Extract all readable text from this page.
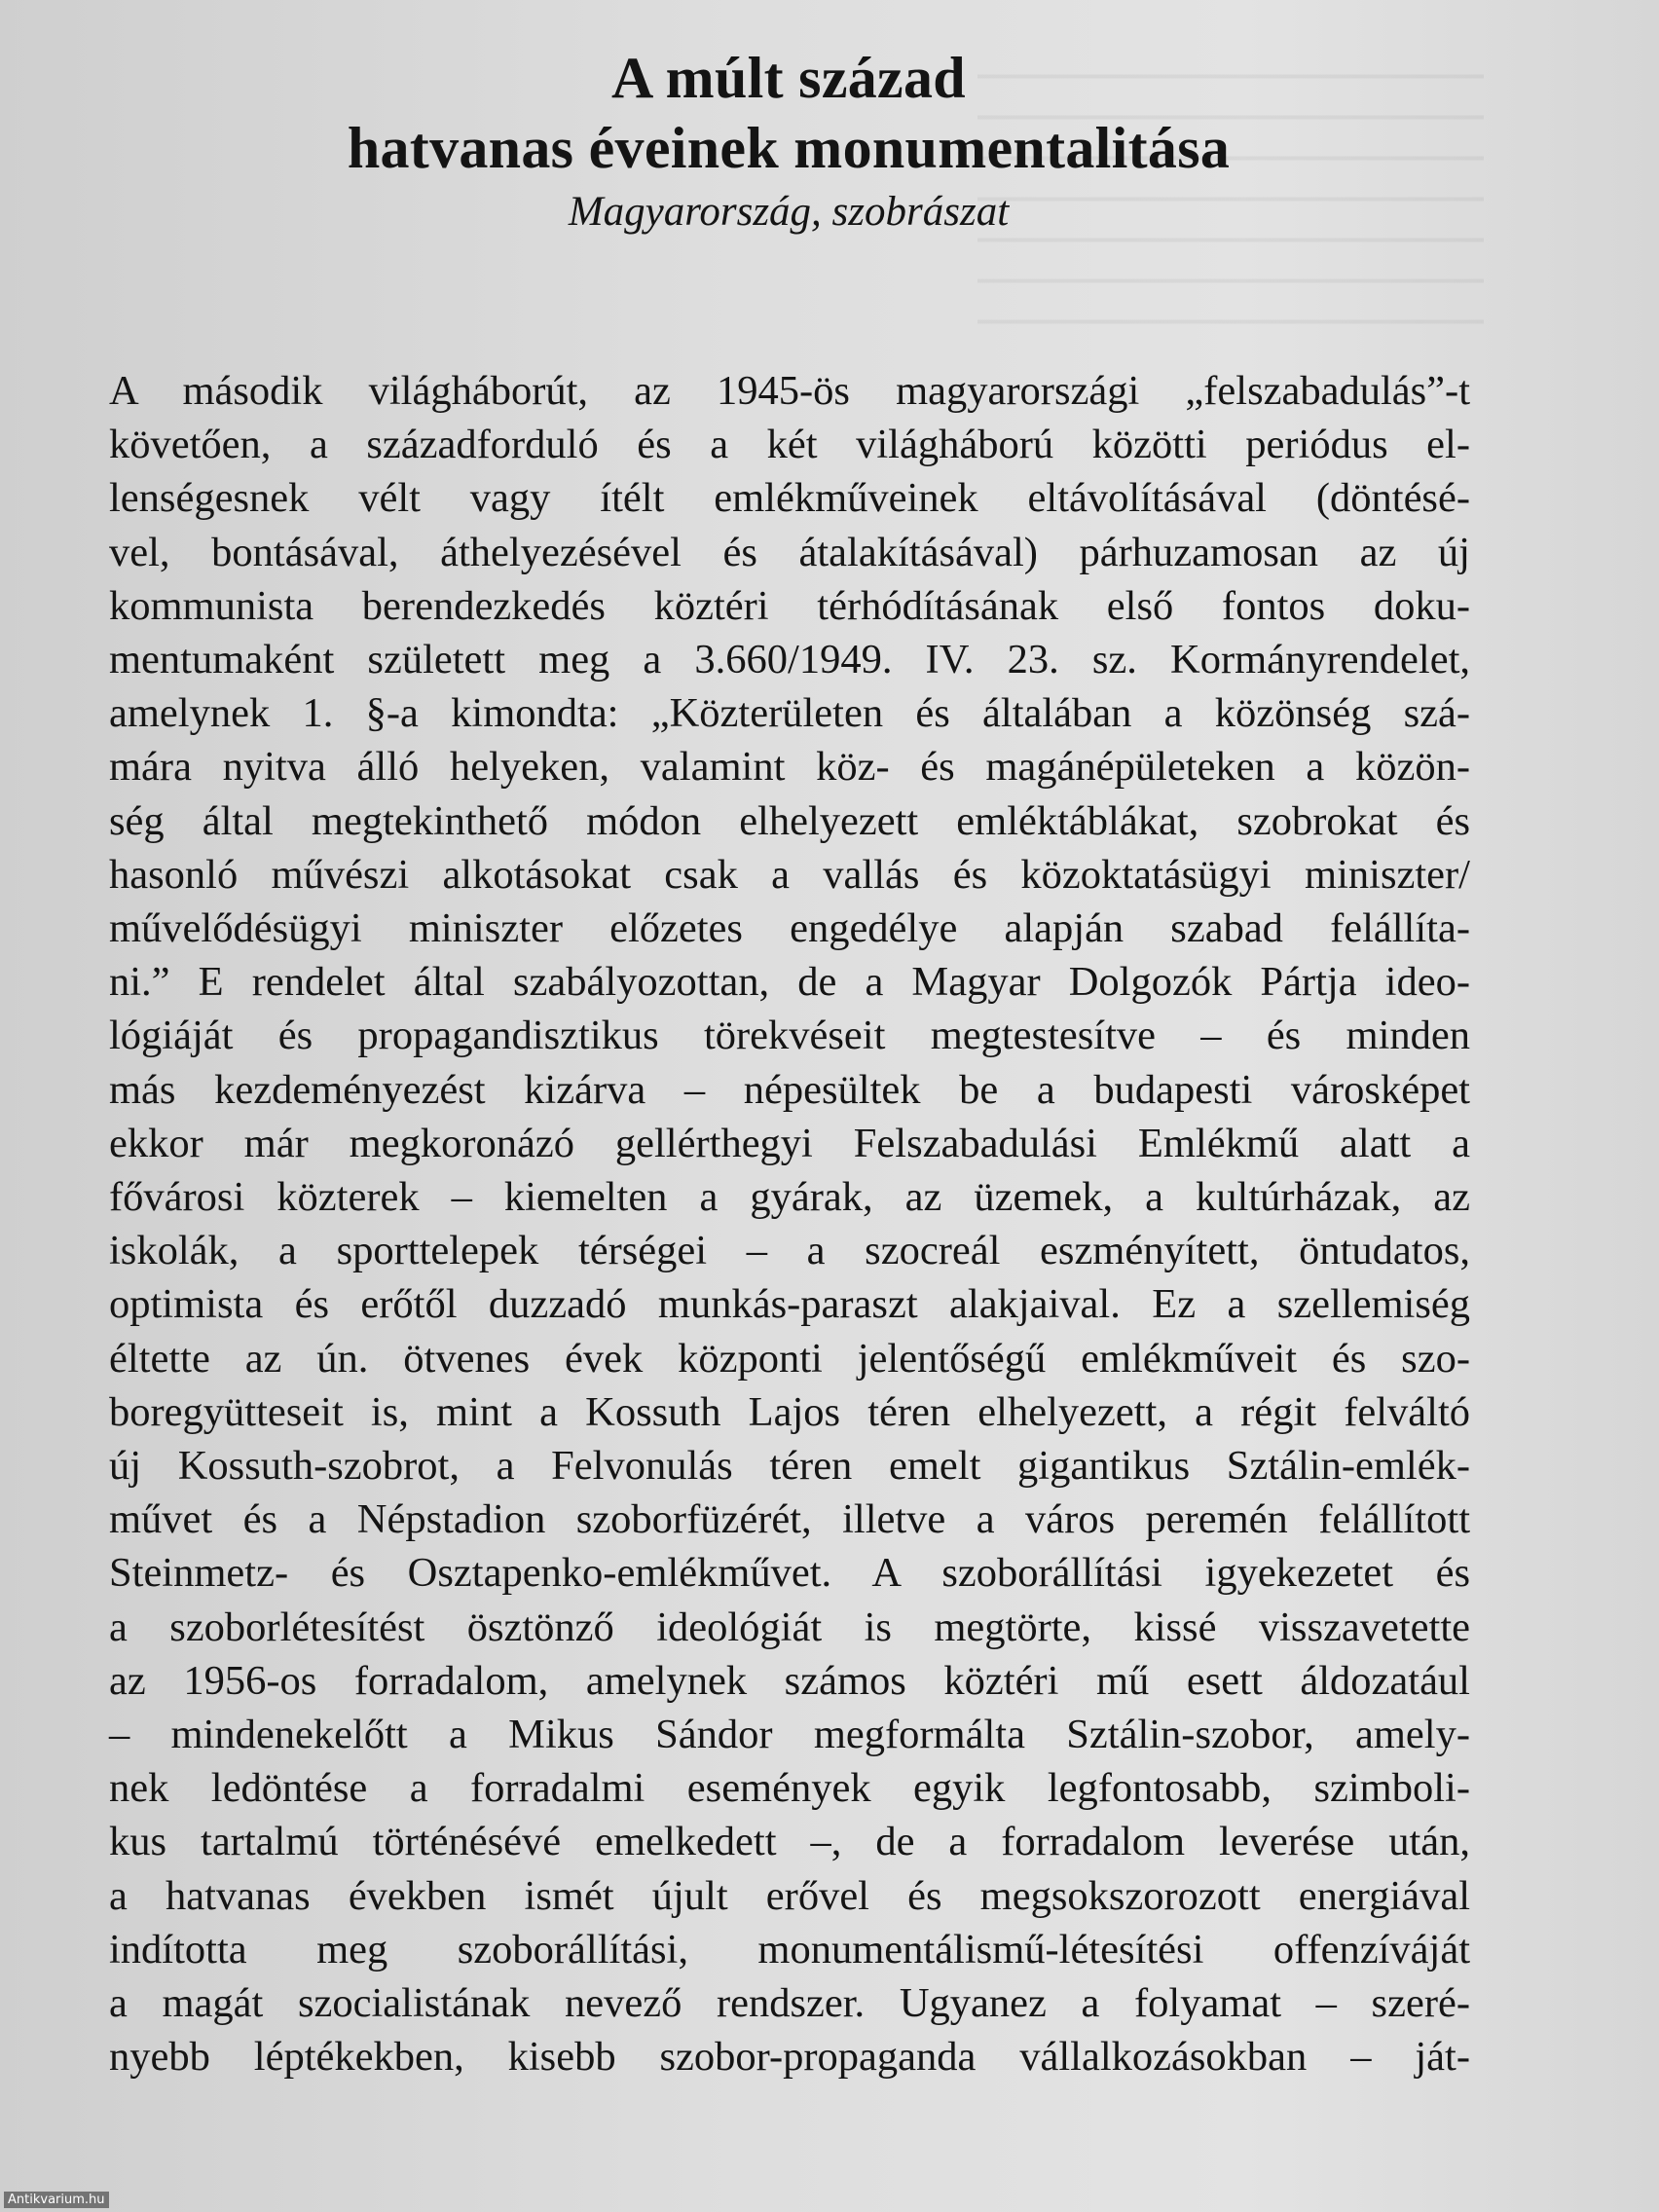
A múlt század
hatvanas éveinek monumentalitása
Magyarország, szobrászat
A második világháborút, az 1945-ös magyarországi „felszabadulás”-t
követően, a századforduló és a két világháború közötti periódus el-
lenségesnek vélt vagy ítélt emlékműveinek eltávolításával (döntésé-
vel, bontásával, áthelyezésével és átalakításával) párhuzamosan az új
kommunista berendezkedés köztéri térhódításának első fontos doku-
mentumaként született meg a 3.660/1949. IV. 23. sz. Kormányrendelet,
amelynek 1. §-a kimondta: „Közterületen és általában a közönség szá-
mára nyitva álló helyeken, valamint köz- és magánépületeken a közön-
ség által megtekinthető módon elhelyezett emléktáblákat, szobrokat és
hasonló művészi alkotásokat csak a vallás és közoktatásügyi miniszter/
művelődésügyi miniszter előzetes engedélye alapján szabad felállíta-
ni.” E rendelet által szabályozottan, de a Magyar Dolgozók Pártja ideo-
lógiáját és propagandisztikus törekvéseit megtestesítve – és minden
más kezdeményezést kizárva – népesültek be a budapesti városképet
ekkor már megkoronázó gellérthegyi Felszabadulási Emlékmű alatt a
fővárosi közterek – kiemelten a gyárak, az üzemek, a kultúrházak, az
iskolák, a sporttelepek térségei – a szocreál eszményített, öntudatos,
optimista és erőtől duzzadó munkás-paraszt alakjaival. Ez a szellemiség
éltette az ún. ötvenes évek központi jelentőségű emlékműveit és szo-
boregyütteseit is, mint a Kossuth Lajos téren elhelyezett, a régit felváltó
új Kossuth-szobrot, a Felvonulás téren emelt gigantikus Sztálin-emlék-
művet és a Népstadion szoborfüzérét, illetve a város peremén felállított
Steinmetz- és Osztapenko-emlékművet. A szoborállítási igyekezetet és
a szoborlétesítést ösztönző ideológiát is megtörte, kissé visszavetette
az 1956-os forradalom, amelynek számos köztéri mű esett áldozatául
– mindenekelőtt a Mikus Sándor megformálta Sztálin-szobor, amely-
nek ledöntése a forradalmi események egyik legfontosabb, szimboli-
kus tartalmú történésévé emelkedett –, de a forradalom leverése után,
a hatvanas években ismét újult erővel és megsokszorozott energiával
indította meg szoborállítási, monumentálismű-létesítési offenzíváját
a magát szocialistának nevező rendszer. Ugyanez a folyamat – szeré-
nyebb léptékekben, kisebb szobor-propaganda vállalkozásokban – ját-
Antikvarium.hu
